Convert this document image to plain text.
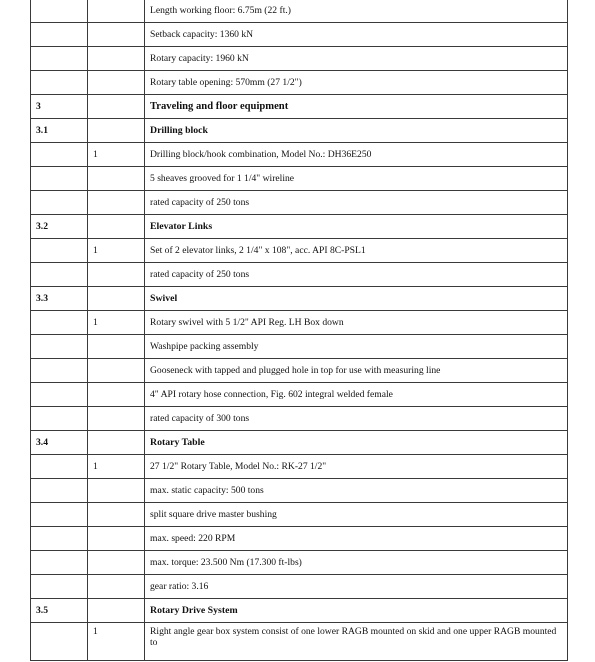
		Length working floor: 6.75m (22 ft.)
		Setback capacity: 1360 kN
		Rotary capacity: 1960 kN
		Rotary table opening: 570mm (27 1/2")
3		Traveling and floor equipment
3.1		Drilling block
	1	Drilling block/hook combination, Model No.: DH36E250
		5 sheaves grooved for 1 1/4" wireline
		rated capacity of 250 tons
3.2		Elevator Links
	1	Set of 2 elevator links, 2 1/4" x 108", acc. API 8C-PSL1
		rated capacity of 250 tons
3.3		Swivel
	1	Rotary swivel with 5 1/2" API Reg. LH Box down
		Washpipe packing assembly
		Gooseneck with tapped and plugged hole in top for use with measuring line
		4" API rotary hose connection, Fig. 602 integral welded female
		rated capacity of 300 tons
3.4		Rotary Table
	1	27 1/2" Rotary Table, Model No.: RK-27 1/2"
		max. static capacity: 500 tons
		split square drive master bushing
		max. speed: 220 RPM
		max. torque: 23.500 Nm (17.300 ft-lbs)
		gear ratio: 3.16
3.5		Rotary Drive System
	1	Right angle gear box system consist of one lower RAGB mounted on skid and one upper RAGB mounted to
